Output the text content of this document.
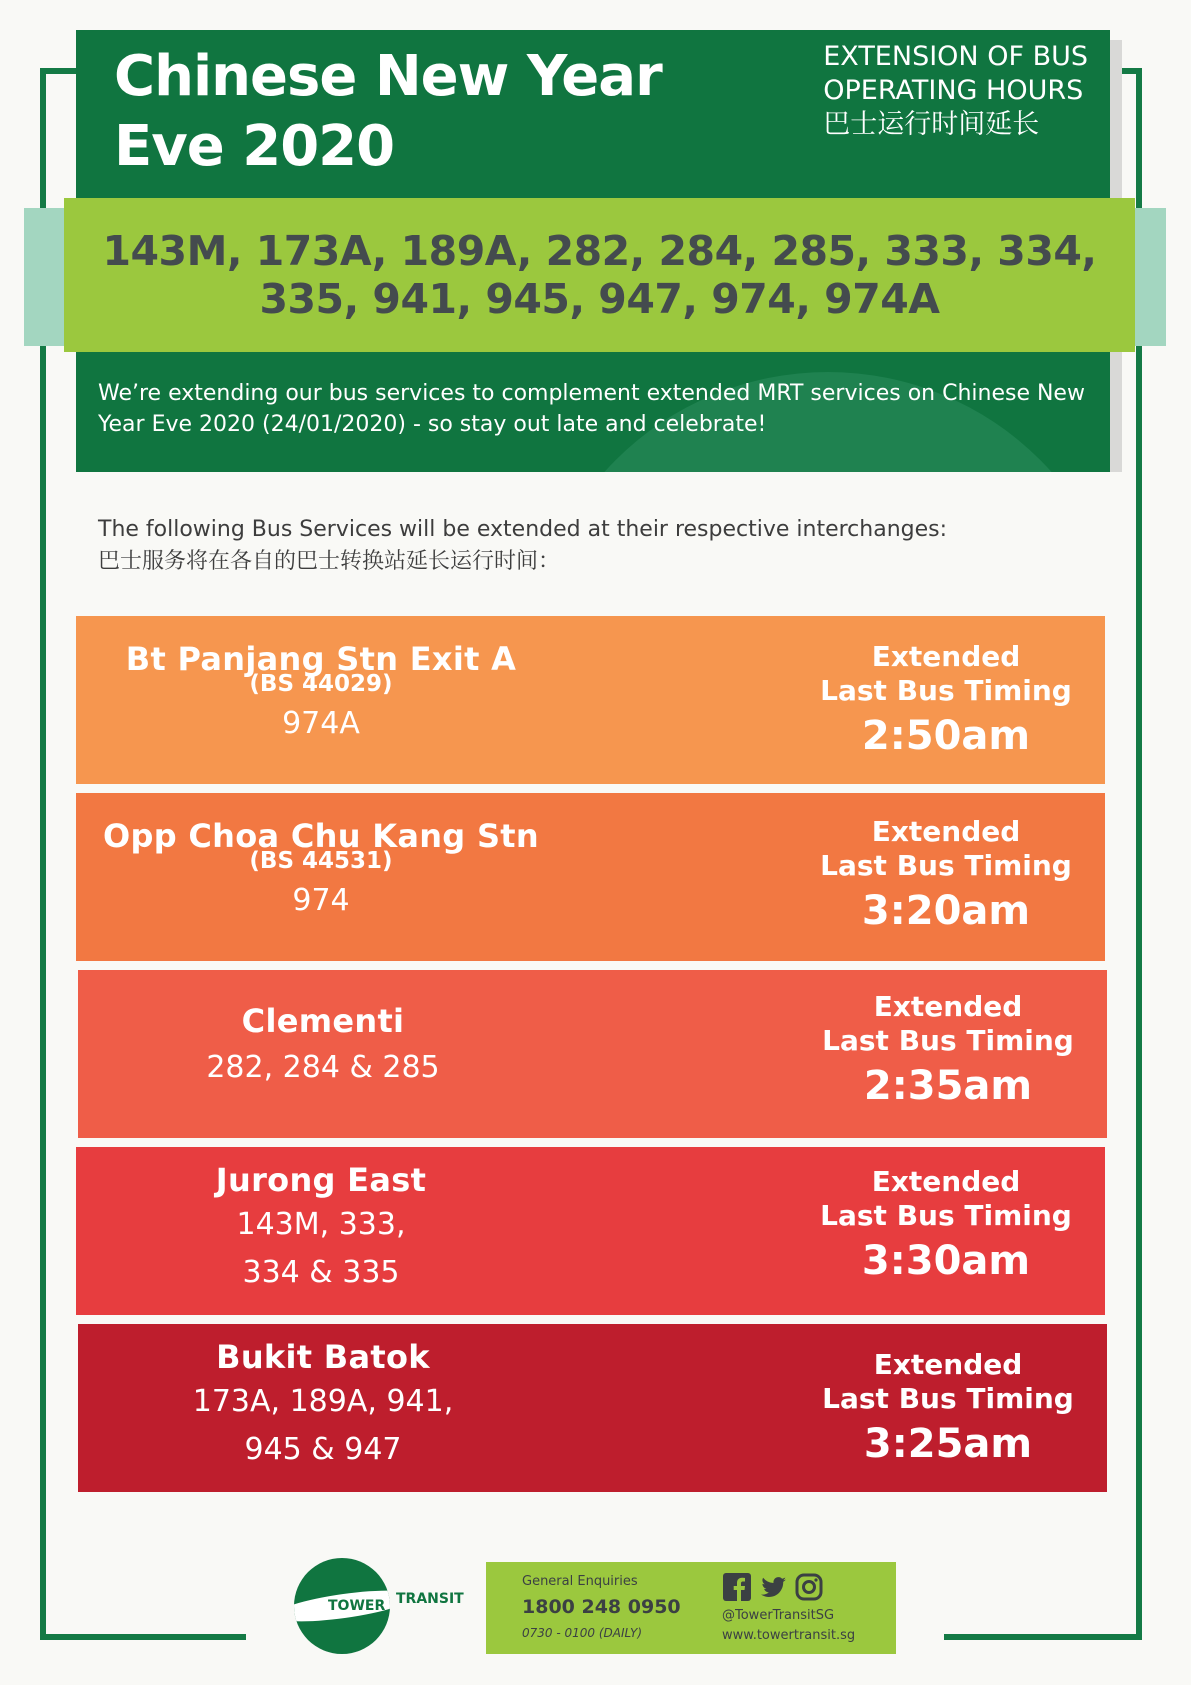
Chinese New Year
Eve 2020
EXTENSION OF BUS
OPERATING HOURS
巴士运行时间延长
143M, 173A, 189A, 282, 284, 285, 333, 334,
335, 941, 945, 947, 974, 974A
We’re extending our bus services to complement extended MRT services on Chinese New Year Eve 2020 (24/01/2020) - so stay out late and celebrate!
The following Bus Services will be extended at their respective interchanges:
巴士服务将在各自的巴士转换站延长运行时间：
Bt Panjang Stn Exit A
(BS 44029)
974A
Extended
Last Bus Timing
2:50am
Opp Choa Chu Kang Stn
(BS 44531)
974
Extended
Last Bus Timing
3:20am
Clementi
282, 284 & 285
Extended
Last Bus Timing
2:35am
Jurong East
143M, 333,
334 & 335
Extended
Last Bus Timing
3:30am
Bukit Batok
173A, 189A, 941,
945 & 947
Extended
Last Bus Timing
3:25am
TOWER TRANSIT
General Enquiries
1800 248 0950
0730 - 0100 (DAILY)
@TowerTransitSG
www.towertransit.sg
